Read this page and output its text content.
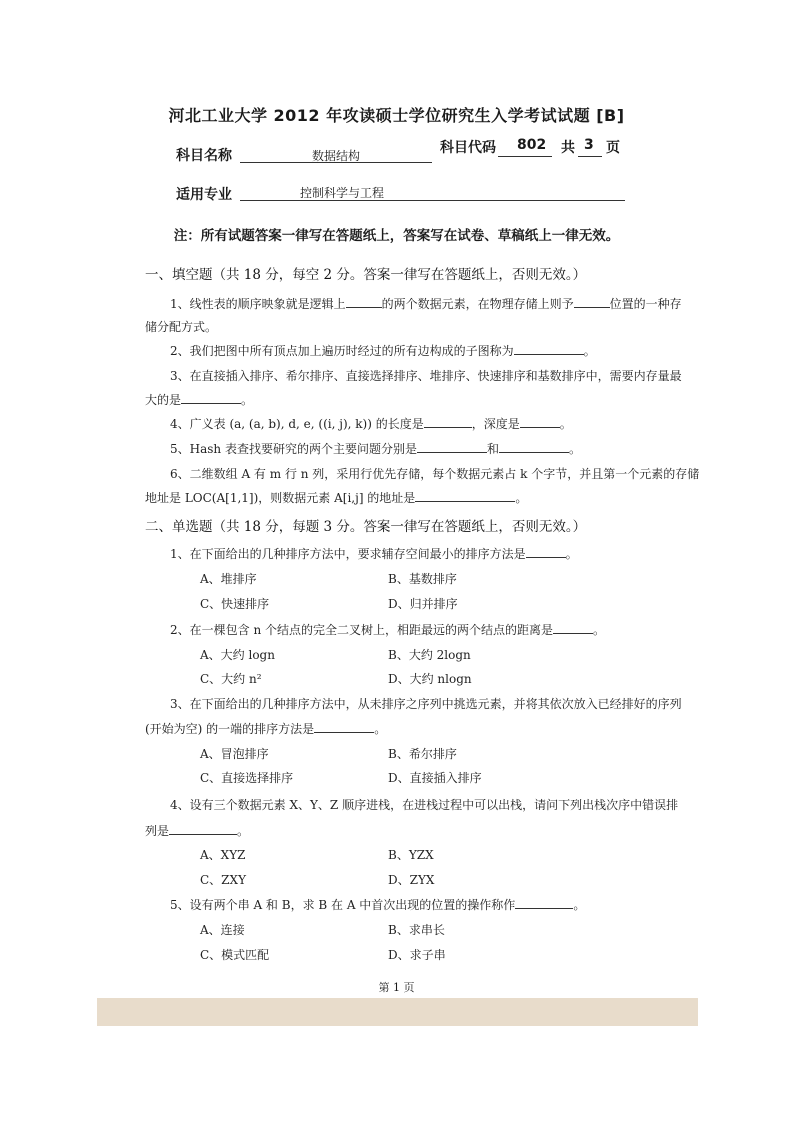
河北工业大学 2012 年攻读硕士学位研究生入学考试试题 [B]
科目名称	数据结构	科目代码 802 共 3 页
适用专业	控制科学与工程
注：所有试题答案一律写在答题纸上，答案写在试卷、草稿纸上一律无效。
一、填空题（共 18 分，每空 2 分。答案一律写在答题纸上，否则无效。）
1、线性表的顺序映象就是逻辑上	的两个数据元素，在物理存储上则予	位置的一种存
储分配方式。
2、我们把图中所有顶点加上遍历时经过的所有边构成的子图称为	。
3、在直接插入排序、希尔排序、直接选择排序、堆排序、快速排序和基数排序中，需要内存量最
大的是	。
4、广义表 (a, (a, b), d, e, ((i, j), k)) 的长度是	，深度是	。
5、Hash 表查找要研究的两个主要问题分别是	和	。
6、二维数组 A 有 m 行 n 列，采用行优先存储，每个数据元素占 k 个字节，并且第一个元素的存储
地址是 LOC(A[1,1])，则数据元素 A[i,j] 的地址是	。
二、单选题（共 18 分，每题 3 分。答案一律写在答题纸上，否则无效。）
1、在下面给出的几种排序方法中，要求辅存空间最小的排序方法是	。
A、堆排序	B、基数排序
C、快速排序	D、归并排序
2、在一棵包含 n 个结点的完全二叉树上，相距最远的两个结点的距离是	。
A、大约 logn	B、大约 2logn
C、大约 n²	D、大约 nlogn
3、在下面给出的几种排序方法中，从未排序之序列中挑选元素，并将其依次放入已经排好的序列
(开始为空) 的一端的排序方法是	。
A、冒泡排序	B、希尔排序
C、直接选择排序	D、直接插入排序
4、设有三个数据元素 X、Y、Z 顺序进栈，在进栈过程中可以出栈，请问下列出栈次序中错误排
列是	。
A、XYZ	B、YZX
C、ZXY	D、ZYX
5、设有两个串 A 和 B，求 B 在 A 中首次出现的位置的操作称作	。
A、连接	B、求串长
C、模式匹配	D、求子串
第 1 页
